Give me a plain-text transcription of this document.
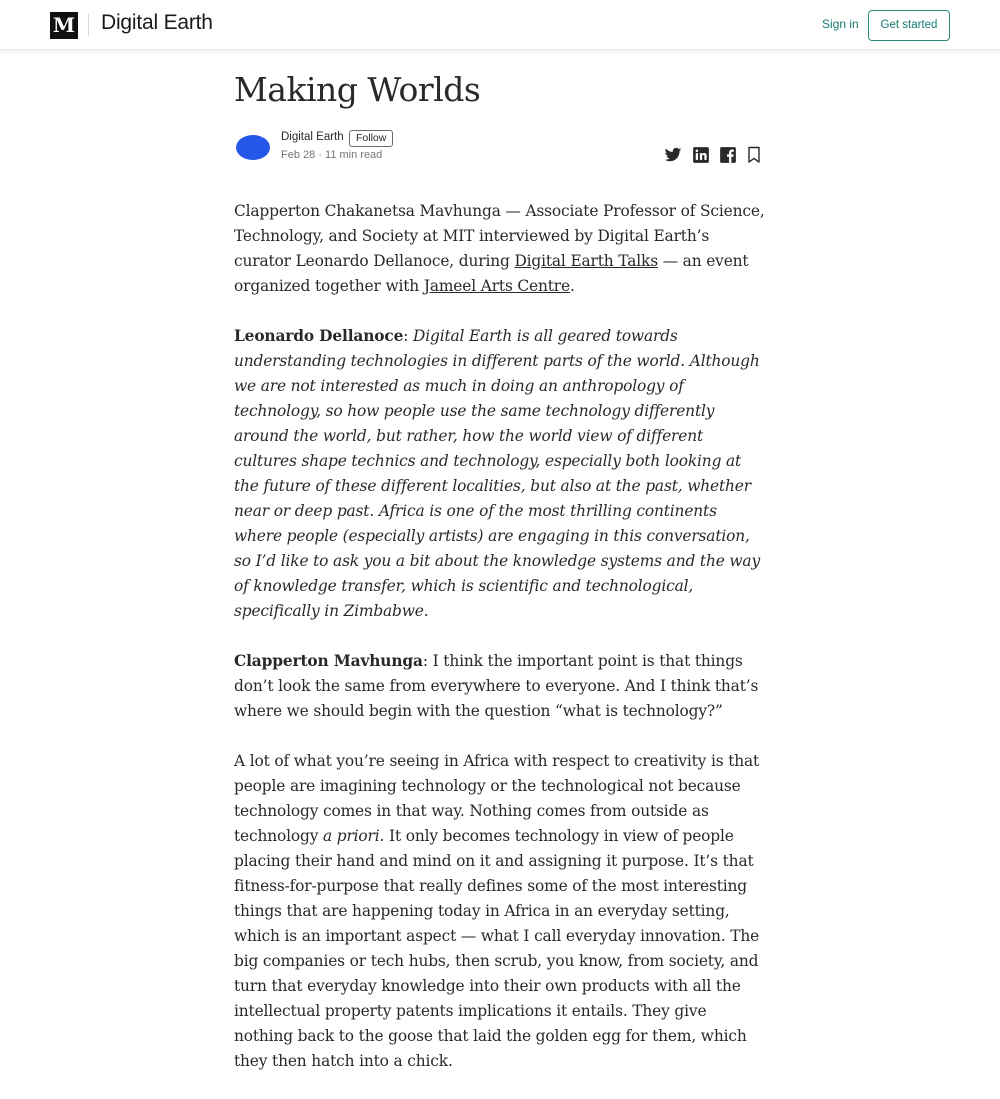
M Digital Earth	Sign in	Get started
Making Worlds
Digital Earth	Follow
Feb 28 · 11 min read

Clapperton Chakanetsa Mavhunga — Associate Professor of Science, Technology, and Society at MIT interviewed by Digital Earth’s curator Leonardo Dellanoce, during Digital Earth Talks — an event organized together with Jameel Arts Centre.

Leonardo Dellanoce: Digital Earth is all geared towards understanding technologies in different parts of the world. Although we are not interested as much in doing an anthropology of technology, so how people use the same technology differently around the world, but rather, how the world view of different cultures shape technics and technology, especially both looking at the future of these different localities, but also at the past, whether near or deep past. Africa is one of the most thrilling continents where people (especially artists) are engaging in this conversation, so I’d like to ask you a bit about the knowledge systems and the way of knowledge transfer, which is scientific and technological, specifically in Zimbabwe.

Clapperton Mavhunga: I think the important point is that things don’t look the same from everywhere to everyone. And I think that’s where we should begin with the question “what is technology?”

A lot of what you’re seeing in Africa with respect to creativity is that people are imagining technology or the technological not because technology comes in that way. Nothing comes from outside as technology a priori. It only becomes technology in view of people placing their hand and mind on it and assigning it purpose. It’s that fitness-for-purpose that really defines some of the most interesting things that are happening today in Africa in an everyday setting, which is an important aspect — what I call everyday innovation. The big companies or tech hubs, then scrub, you know, from society, and turn that everyday knowledge into their own products with all the intellectual property patents implications it entails. They give nothing back to the goose that laid the golden egg for them, which they then hatch into a chick.
